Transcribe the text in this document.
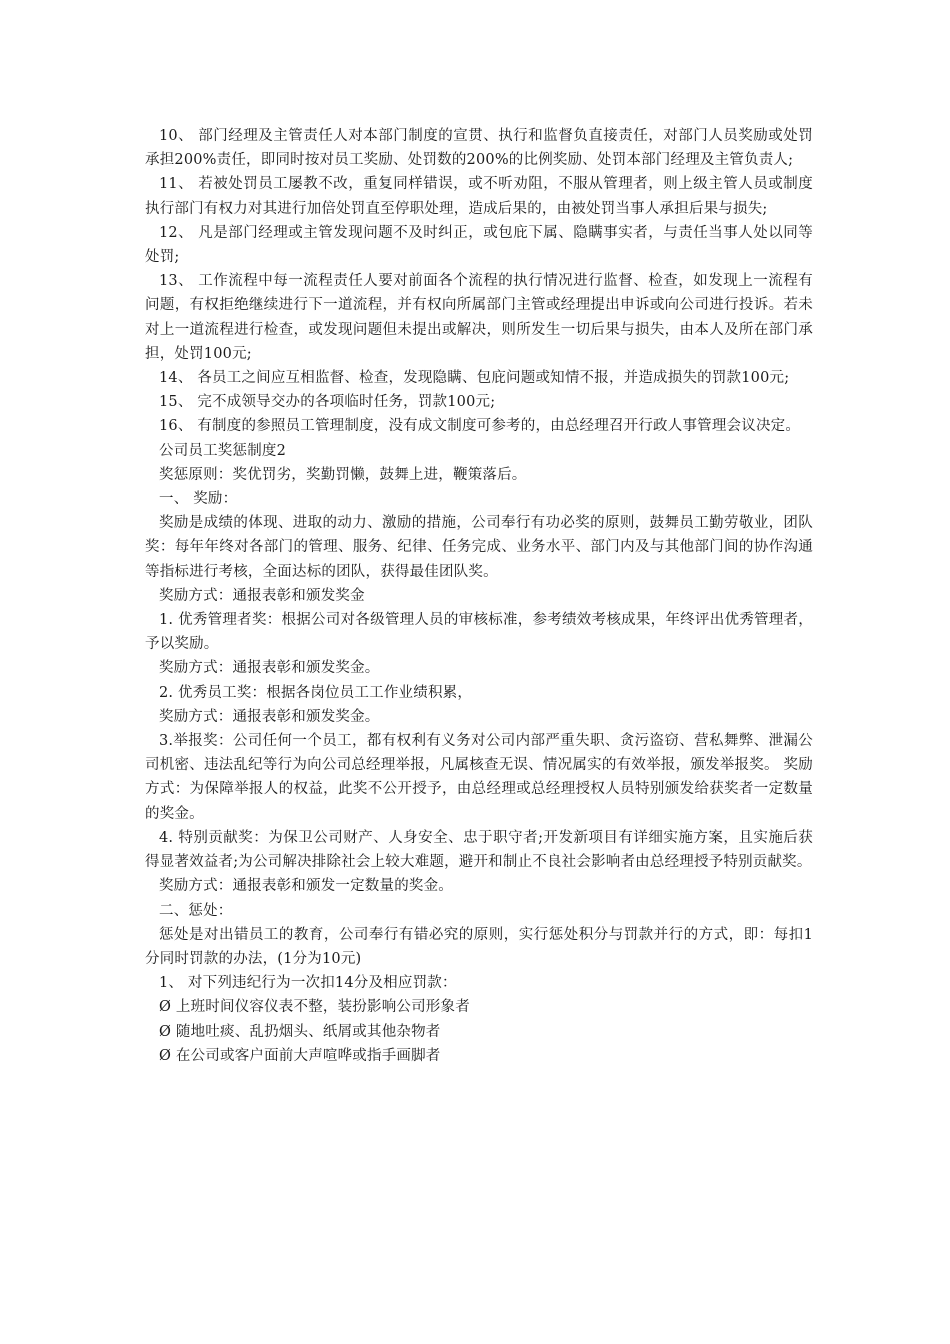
10、 部门经理及主管责任人对本部门制度的宣贯、执行和监督负直接责任，对部门人员奖励或处罚承担200%责任，即同时按对员工奖励、处罚数的200%的比例奖励、处罚本部门经理及主管负责人;

11、 若被处罚员工屡教不改，重复同样错误，或不听劝阻，不服从管理者，则上级主管人员或制度执行部门有权力对其进行加倍处罚直至停职处理，造成后果的，由被处罚当事人承担后果与损失;

12、 凡是部门经理或主管发现问题不及时纠正，或包庇下属、隐瞒事实者，与责任当事人处以同等处罚;

13、 工作流程中每一流程责任人要对前面各个流程的执行情况进行监督、检查，如发现上一流程有问题，有权拒绝继续进行下一道流程，并有权向所属部门主管或经理提出申诉或向公司进行投诉。若未对上一道流程进行检查，或发现问题但未提出或解决，则所发生一切后果与损失，由本人及所在部门承担，处罚100元;

14、 各员工之间应互相监督、检查，发现隐瞒、包庇问题或知情不报，并造成损失的罚款100元;

15、 完不成领导交办的各项临时任务，罚款100元;

16、 有制度的参照员工管理制度，没有成文制度可参考的，由总经理召开行政人事管理会议决定。

公司员工奖惩制度2

奖惩原则：奖优罚劣，奖勤罚懒，鼓舞上进，鞭策落后。

一、 奖励：

奖励是成绩的体现、进取的动力、激励的措施，公司奉行有功必奖的原则，鼓舞员工勤劳敬业，团队奖：每年年终对各部门的管理、服务、纪律、任务完成、业务水平、部门内及与其他部门间的协作沟通等指标进行考核，全面达标的团队，获得最佳团队奖。

奖励方式：通报表彰和颁发奖金

1. 优秀管理者奖：根据公司对各级管理人员的审核标准，参考绩效考核成果，年终评出优秀管理者，予以奖励。

奖励方式：通报表彰和颁发奖金。

2. 优秀员工奖：根据各岗位员工工作业绩积累，

奖励方式：通报表彰和颁发奖金。

3.举报奖：公司任何一个员工，都有权利有义务对公司内部严重失职、贪污盗窃、营私舞弊、泄漏公司机密、违法乱纪等行为向公司总经理举报，凡属核查无误、情况属实的有效举报，颁发举报奖。 奖励方式：为保障举报人的权益，此奖不公开授予，由总经理或总经理授权人员特别颁发给获奖者一定数量的奖金。

4. 特别贡献奖：为保卫公司财产、人身安全、忠于职守者;开发新项目有详细实施方案，且实施后获得显著效益者;为公司解决排除社会上较大难题，避开和制止不良社会影响者由总经理授予特别贡献奖。

奖励方式：通报表彰和颁发一定数量的奖金。

二、惩处：

惩处是对出错员工的教育，公司奉行有错必究的原则，实行惩处积分与罚款并行的方式，即：每扣1分同时罚款的办法，(1分为10元)

1、 对下列违纪行为一次扣14分及相应罚款：

Ø 上班时间仪容仪表不整，装扮影响公司形象者

Ø 随地吐痰、乱扔烟头、纸屑或其他杂物者

Ø 在公司或客户面前大声喧哗或指手画脚者
